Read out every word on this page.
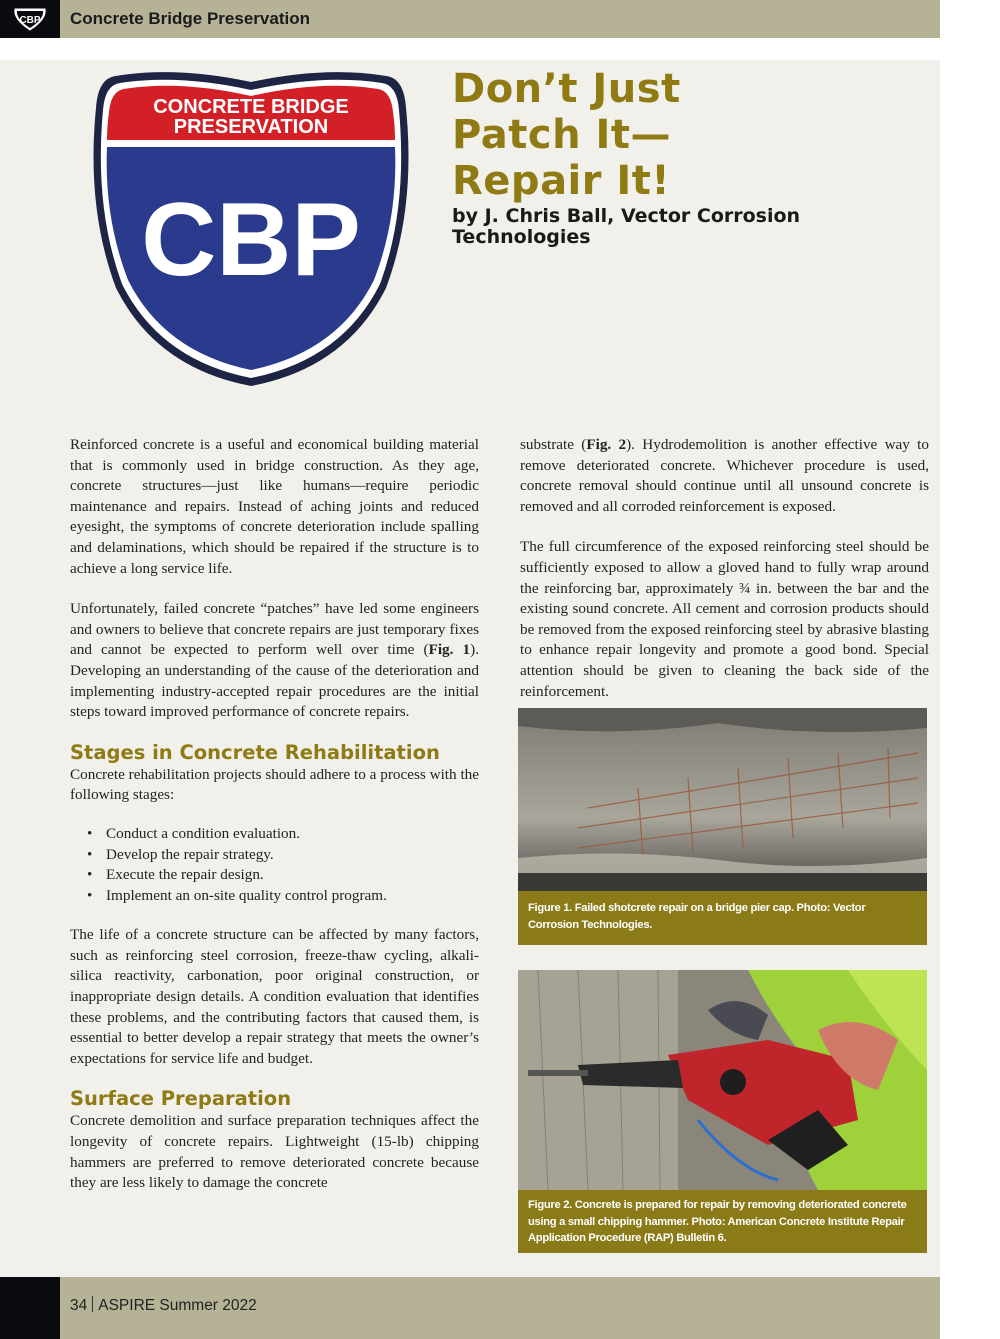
CBP Concrete Bridge Preservation
CONCRETE BRIDGE PRESERVATION
CBP
Don’t Just
Patch It—
Repair It!
by J. Chris Ball, Vector Corrosion Technologies

Reinforced concrete is a useful and economical building material that is commonly used in bridge construction. As they age, concrete structures—just like humans—require periodic maintenance and repairs. Instead of aching joints and reduced eyesight, the symptoms of concrete deterioration include spalling and delaminations, which should be repaired if the structure is to achieve a long service life.

Unfortunately, failed concrete “patches” have led some engineers and owners to believe that concrete repairs are just temporary fixes and cannot be expected to perform well over time (Fig. 1). Developing an understanding of the cause of the deterioration and implementing industry-accepted repair procedures are the initial steps toward improved performance of concrete repairs.

Stages in Concrete Rehabilitation

Concrete rehabilitation projects should adhere to a process with the following stages:

• Conduct a condition evaluation.
• Develop the repair strategy.
• Execute the repair design.
• Implement an on-site quality control program.

The life of a concrete structure can be affected by many factors, such as reinforcing steel corrosion, freeze-thaw cycling, alkali-silica reactivity, carbonation, poor original construction, or inappropriate design details. A condition evaluation that identifies these problems, and the contributing factors that caused them, is essential to better develop a repair strategy that meets the owner’s expectations for service life and budget.

Surface Preparation

Concrete demolition and surface preparation techniques affect the longevity of concrete repairs. Lightweight (15-lb) chipping hammers are preferred to remove deteriorated concrete because they are less likely to damage the concrete

substrate (Fig. 2). Hydrodemolition is another effective way to remove deteriorated concrete. Whichever procedure is used, concrete removal should continue until all unsound concrete is removed and all corroded reinforcement is exposed.

The full circumference of the exposed reinforcing steel should be sufficiently exposed to allow a gloved hand to fully wrap around the reinforcing bar, approximately ¾ in. between the bar and the existing sound concrete. All cement and corrosion products should be removed from the exposed reinforcing steel by abrasive blasting to enhance repair longevity and promote a good bond. Special attention should be given to cleaning the back side of the reinforcement.

Figure 1. Failed shotcrete repair on a bridge pier cap. Photo: Vector Corrosion Technologies.
Figure 2. Concrete is prepared for repair by removing deteriorated concrete using a small chipping hammer. Photo: American Concrete Institute Repair Application Procedure (RAP) Bulletin 6.
34 ASPIRE Summer 2022
